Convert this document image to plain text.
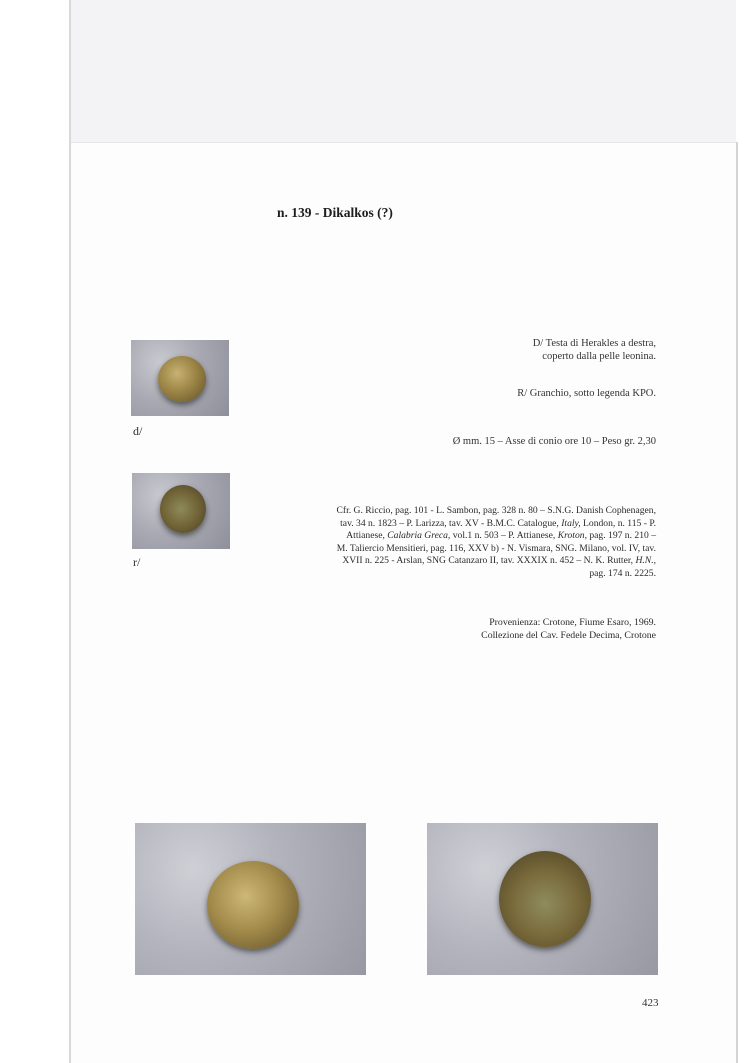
n. 139 - Dikalkos (?)
d/
r/
D/ Testa di Herakles a destra,
coperto dalla pelle leonina.
R/ Granchio, sotto legenda KPO.
Ø mm. 15 – Asse di conio ore 10 – Peso gr. 2,30
Cfr. G. Riccio, pag. 101 - L. Sambon, pag. 328 n. 80 – S.N.G. Danish Cophenagen,
tav. 34 n. 1823 – P. Larizza, tav. XV - B.M.C. Catalogue, Italy, London, n. 115 - P.
Attianese, Calabria Greca, vol.1 n. 503 – P. Attianese, Kroton, pag. 197 n. 210 –
M. Taliercio Mensitieri, pag. 116, XXV b) - N. Vismara, SNG. Milano, vol. IV, tav.
XVII n. 225 - Arslan, SNG Catanzaro II, tav. XXXIX n. 452 – N. K. Rutter, H.N.,
pag. 174 n. 2225.
Provenienza: Crotone, Fiume Esaro, 1969.
Collezione del Cav. Fedele Decima, Crotone
423
